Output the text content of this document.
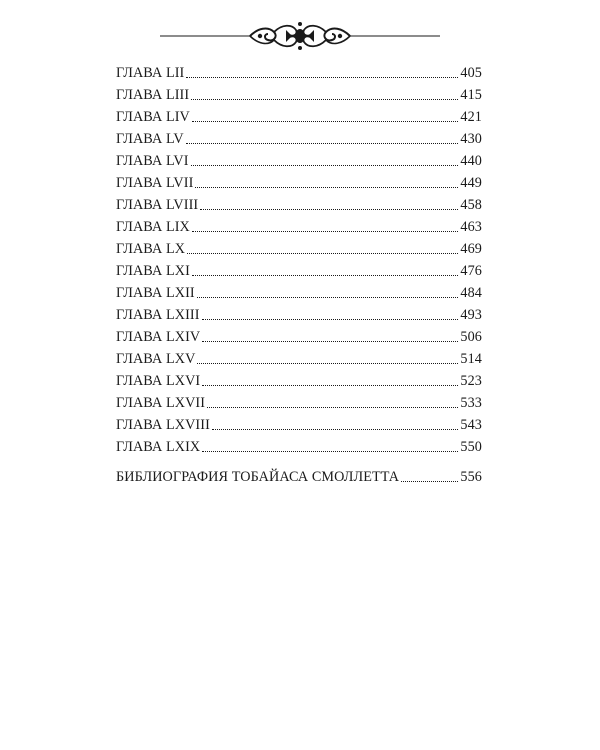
ГЛАВА LII	405
ГЛАВА LIII	415
ГЛАВА LIV	421
ГЛАВА LV	430
ГЛАВА LVI	440
ГЛАВА LVII	449
ГЛАВА LVIII	458
ГЛАВА LIX	463
ГЛАВА LX	469
ГЛАВА LXI	476
ГЛАВА LXII	484
ГЛАВА LXIII	493
ГЛАВА LXIV	506
ГЛАВА LXV	514
ГЛАВА LXVI	523
ГЛАВА LXVII	533
ГЛАВА LXVIII	543
ГЛАВА LXIX	550
БИБЛИОГРАФИЯ ТОБАЙАСА СМОЛЛЕТТА	556
